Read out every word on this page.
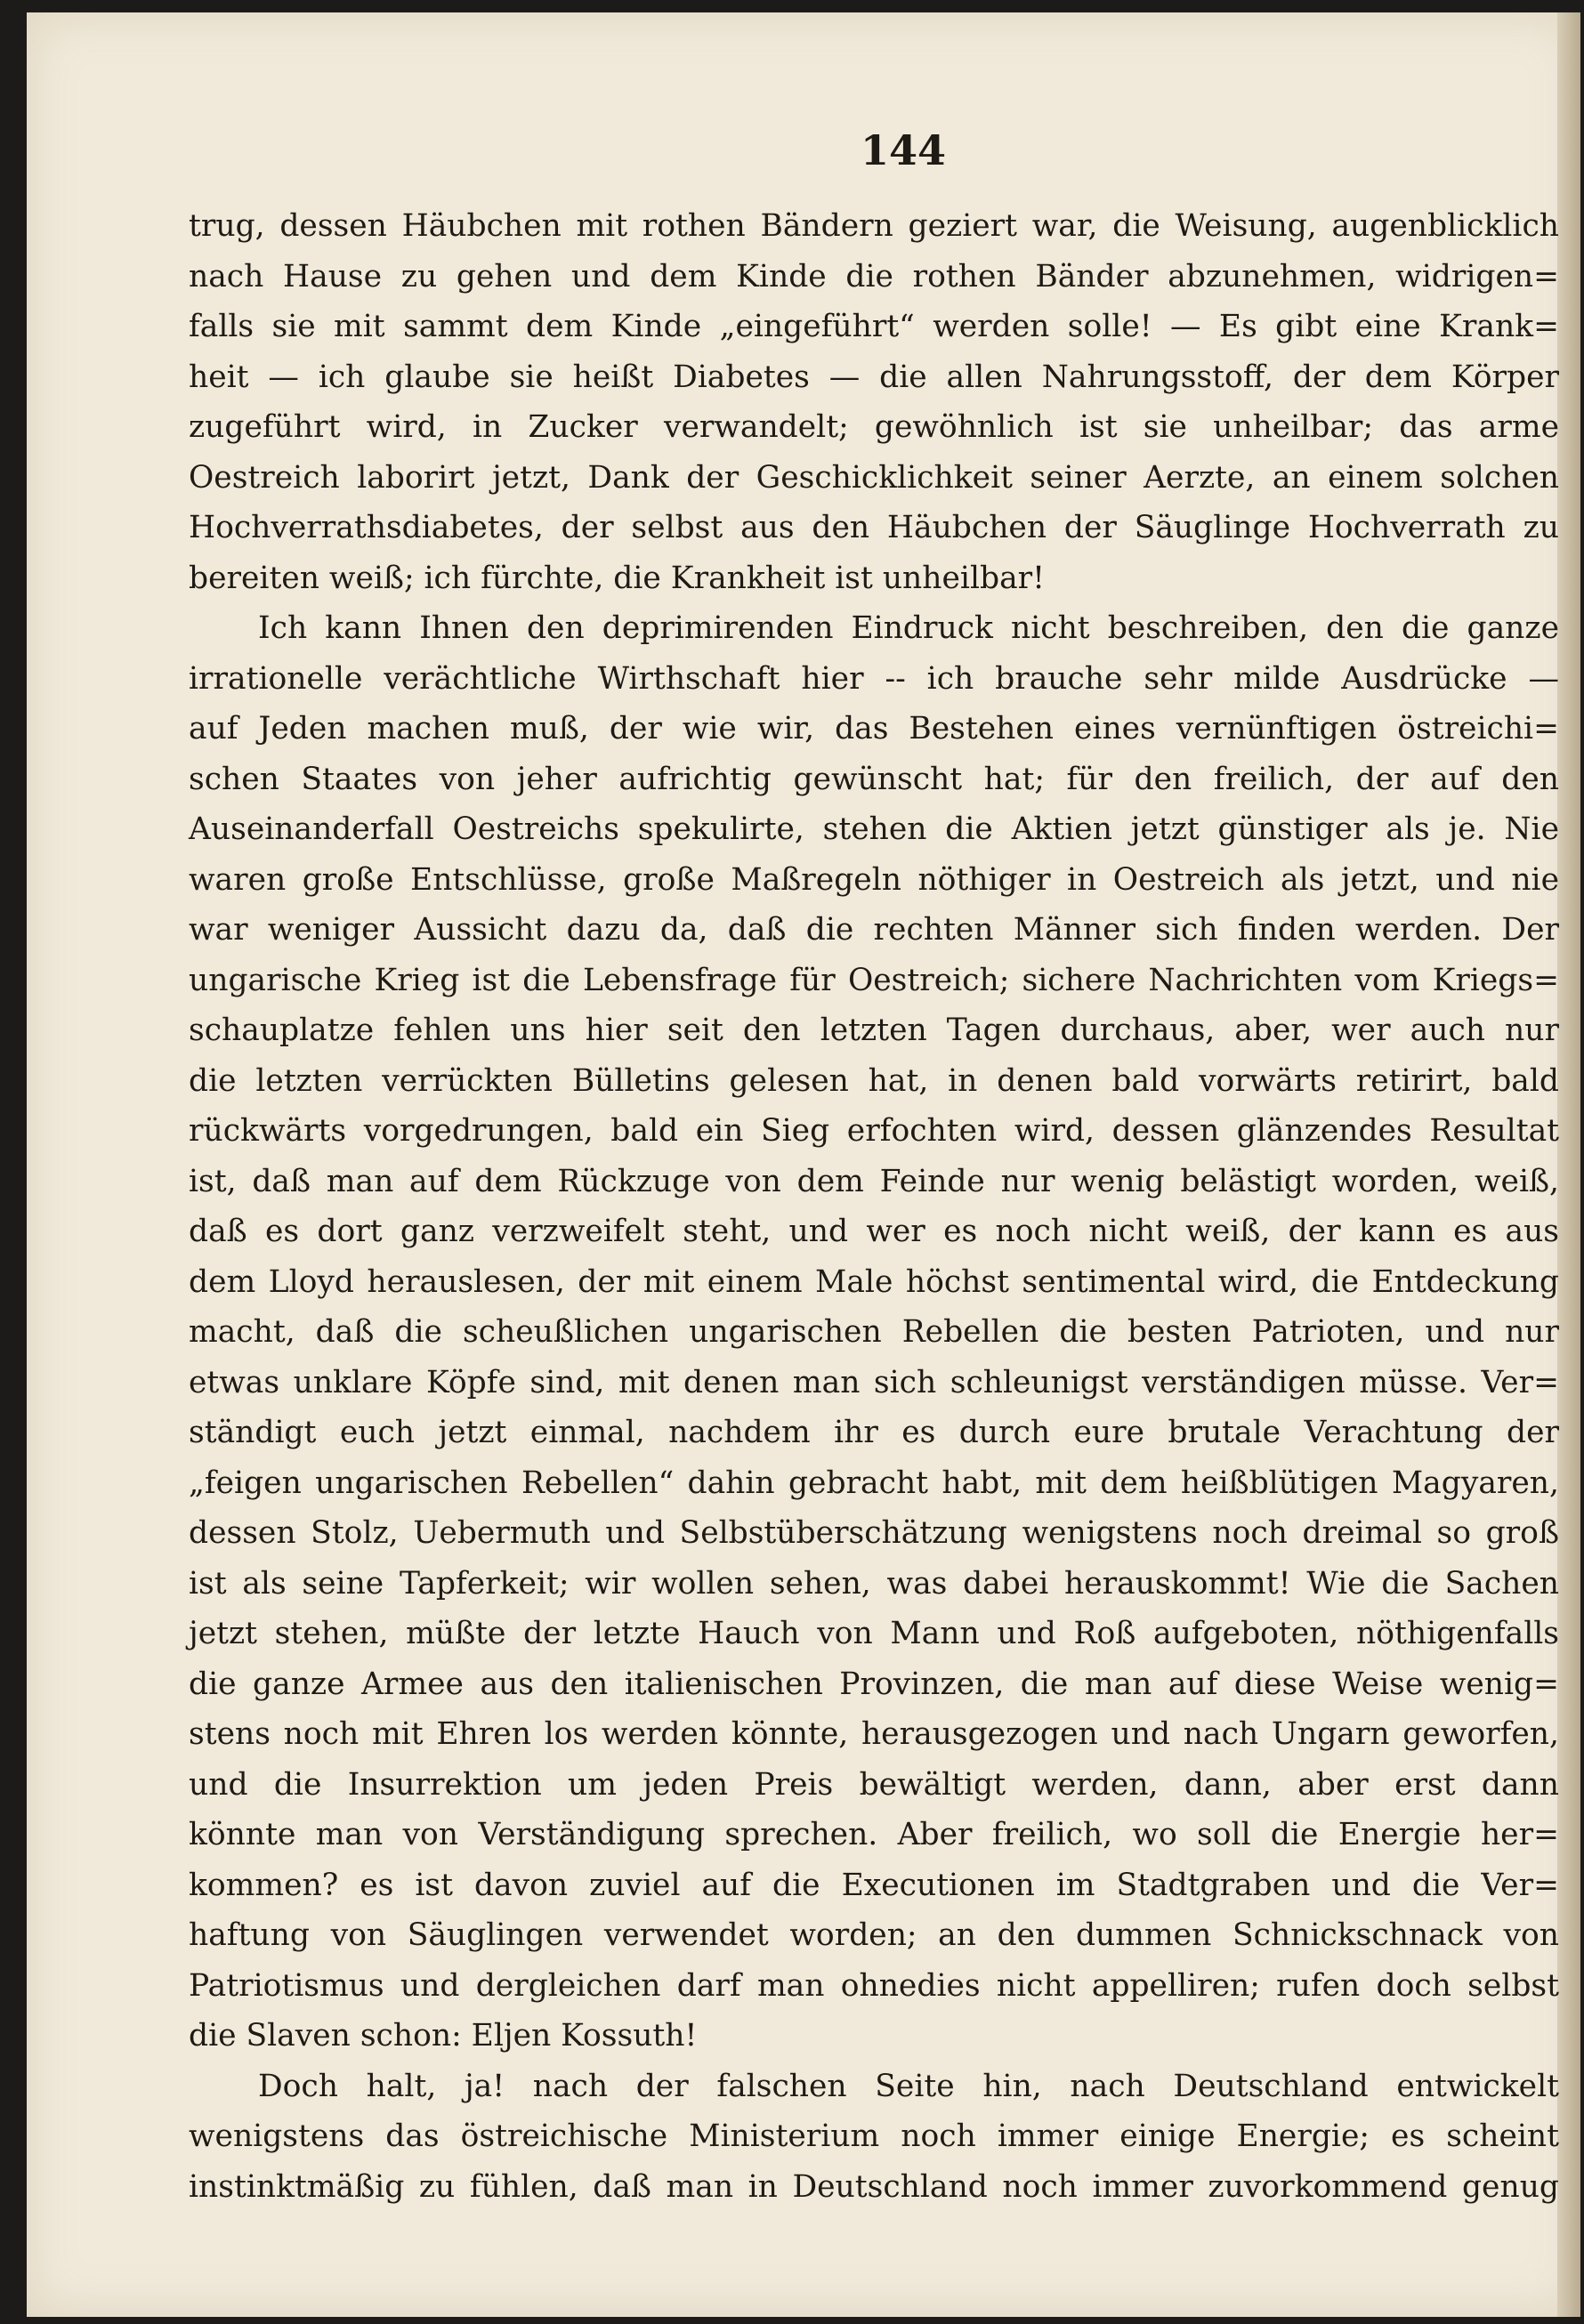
144
trug, dessen Häubchen mit rothen Bändern geziert war, die Weisung, augenblicklich
nach Hause zu gehen und dem Kinde die rothen Bänder abzunehmen, widrigen=
falls sie mit sammt dem Kinde „eingeführt“ werden solle! — Es gibt eine Krank=
heit — ich glaube sie heißt Diabetes — die allen Nahrungsstoff, der dem Körper
zugeführt wird, in Zucker verwandelt; gewöhnlich ist sie unheilbar; das arme
Oestreich laborirt jetzt, Dank der Geschicklichkeit seiner Aerzte, an einem solchen
Hochverrathsdiabetes, der selbst aus den Häubchen der Säuglinge Hochverrath zu
bereiten weiß; ich fürchte, die Krankheit ist unheilbar!
Ich kann Ihnen den deprimirenden Eindruck nicht beschreiben, den die ganze
irrationelle verächtliche Wirthschaft hier -- ich brauche sehr milde Ausdrücke —
auf Jeden machen muß, der wie wir, das Bestehen eines vernünftigen östreichi=
schen Staates von jeher aufrichtig gewünscht hat; für den freilich, der auf den
Auseinanderfall Oestreichs spekulirte, stehen die Aktien jetzt günstiger als je. Nie
waren große Entschlüsse, große Maßregeln nöthiger in Oestreich als jetzt, und nie
war weniger Aussicht dazu da, daß die rechten Männer sich finden werden. Der
ungarische Krieg ist die Lebensfrage für Oestreich; sichere Nachrichten vom Kriegs=
schauplatze fehlen uns hier seit den letzten Tagen durchaus, aber, wer auch nur
die letzten verrückten Bülletins gelesen hat, in denen bald vorwärts retirirt, bald
rückwärts vorgedrungen, bald ein Sieg erfochten wird, dessen glänzendes Resultat
ist, daß man auf dem Rückzuge von dem Feinde nur wenig belästigt worden, weiß,
daß es dort ganz verzweifelt steht, und wer es noch nicht weiß, der kann es aus
dem Lloyd herauslesen, der mit einem Male höchst sentimental wird, die Entdeckung
macht, daß die scheußlichen ungarischen Rebellen die besten Patrioten, und nur
etwas unklare Köpfe sind, mit denen man sich schleunigst verständigen müsse. Ver=
ständigt euch jetzt einmal, nachdem ihr es durch eure brutale Verachtung der
„feigen ungarischen Rebellen“ dahin gebracht habt, mit dem heißblütigen Magyaren,
dessen Stolz, Uebermuth und Selbstüberschätzung wenigstens noch dreimal so groß
ist als seine Tapferkeit; wir wollen sehen, was dabei herauskommt! Wie die Sachen
jetzt stehen, müßte der letzte Hauch von Mann und Roß aufgeboten, nöthigenfalls
die ganze Armee aus den italienischen Provinzen, die man auf diese Weise wenig=
stens noch mit Ehren los werden könnte, herausgezogen und nach Ungarn geworfen,
und die Insurrektion um jeden Preis bewältigt werden, dann, aber erst dann
könnte man von Verständigung sprechen. Aber freilich, wo soll die Energie her=
kommen? es ist davon zuviel auf die Executionen im Stadtgraben und die Ver=
haftung von Säuglingen verwendet worden; an den dummen Schnickschnack von
Patriotismus und dergleichen darf man ohnedies nicht appelliren; rufen doch selbst
die Slaven schon: Eljen Kossuth!
Doch halt, ja! nach der falschen Seite hin, nach Deutschland entwickelt
wenigstens das östreichische Ministerium noch immer einige Energie; es scheint
instinktmäßig zu fühlen, daß man in Deutschland noch immer zuvorkommend genug
